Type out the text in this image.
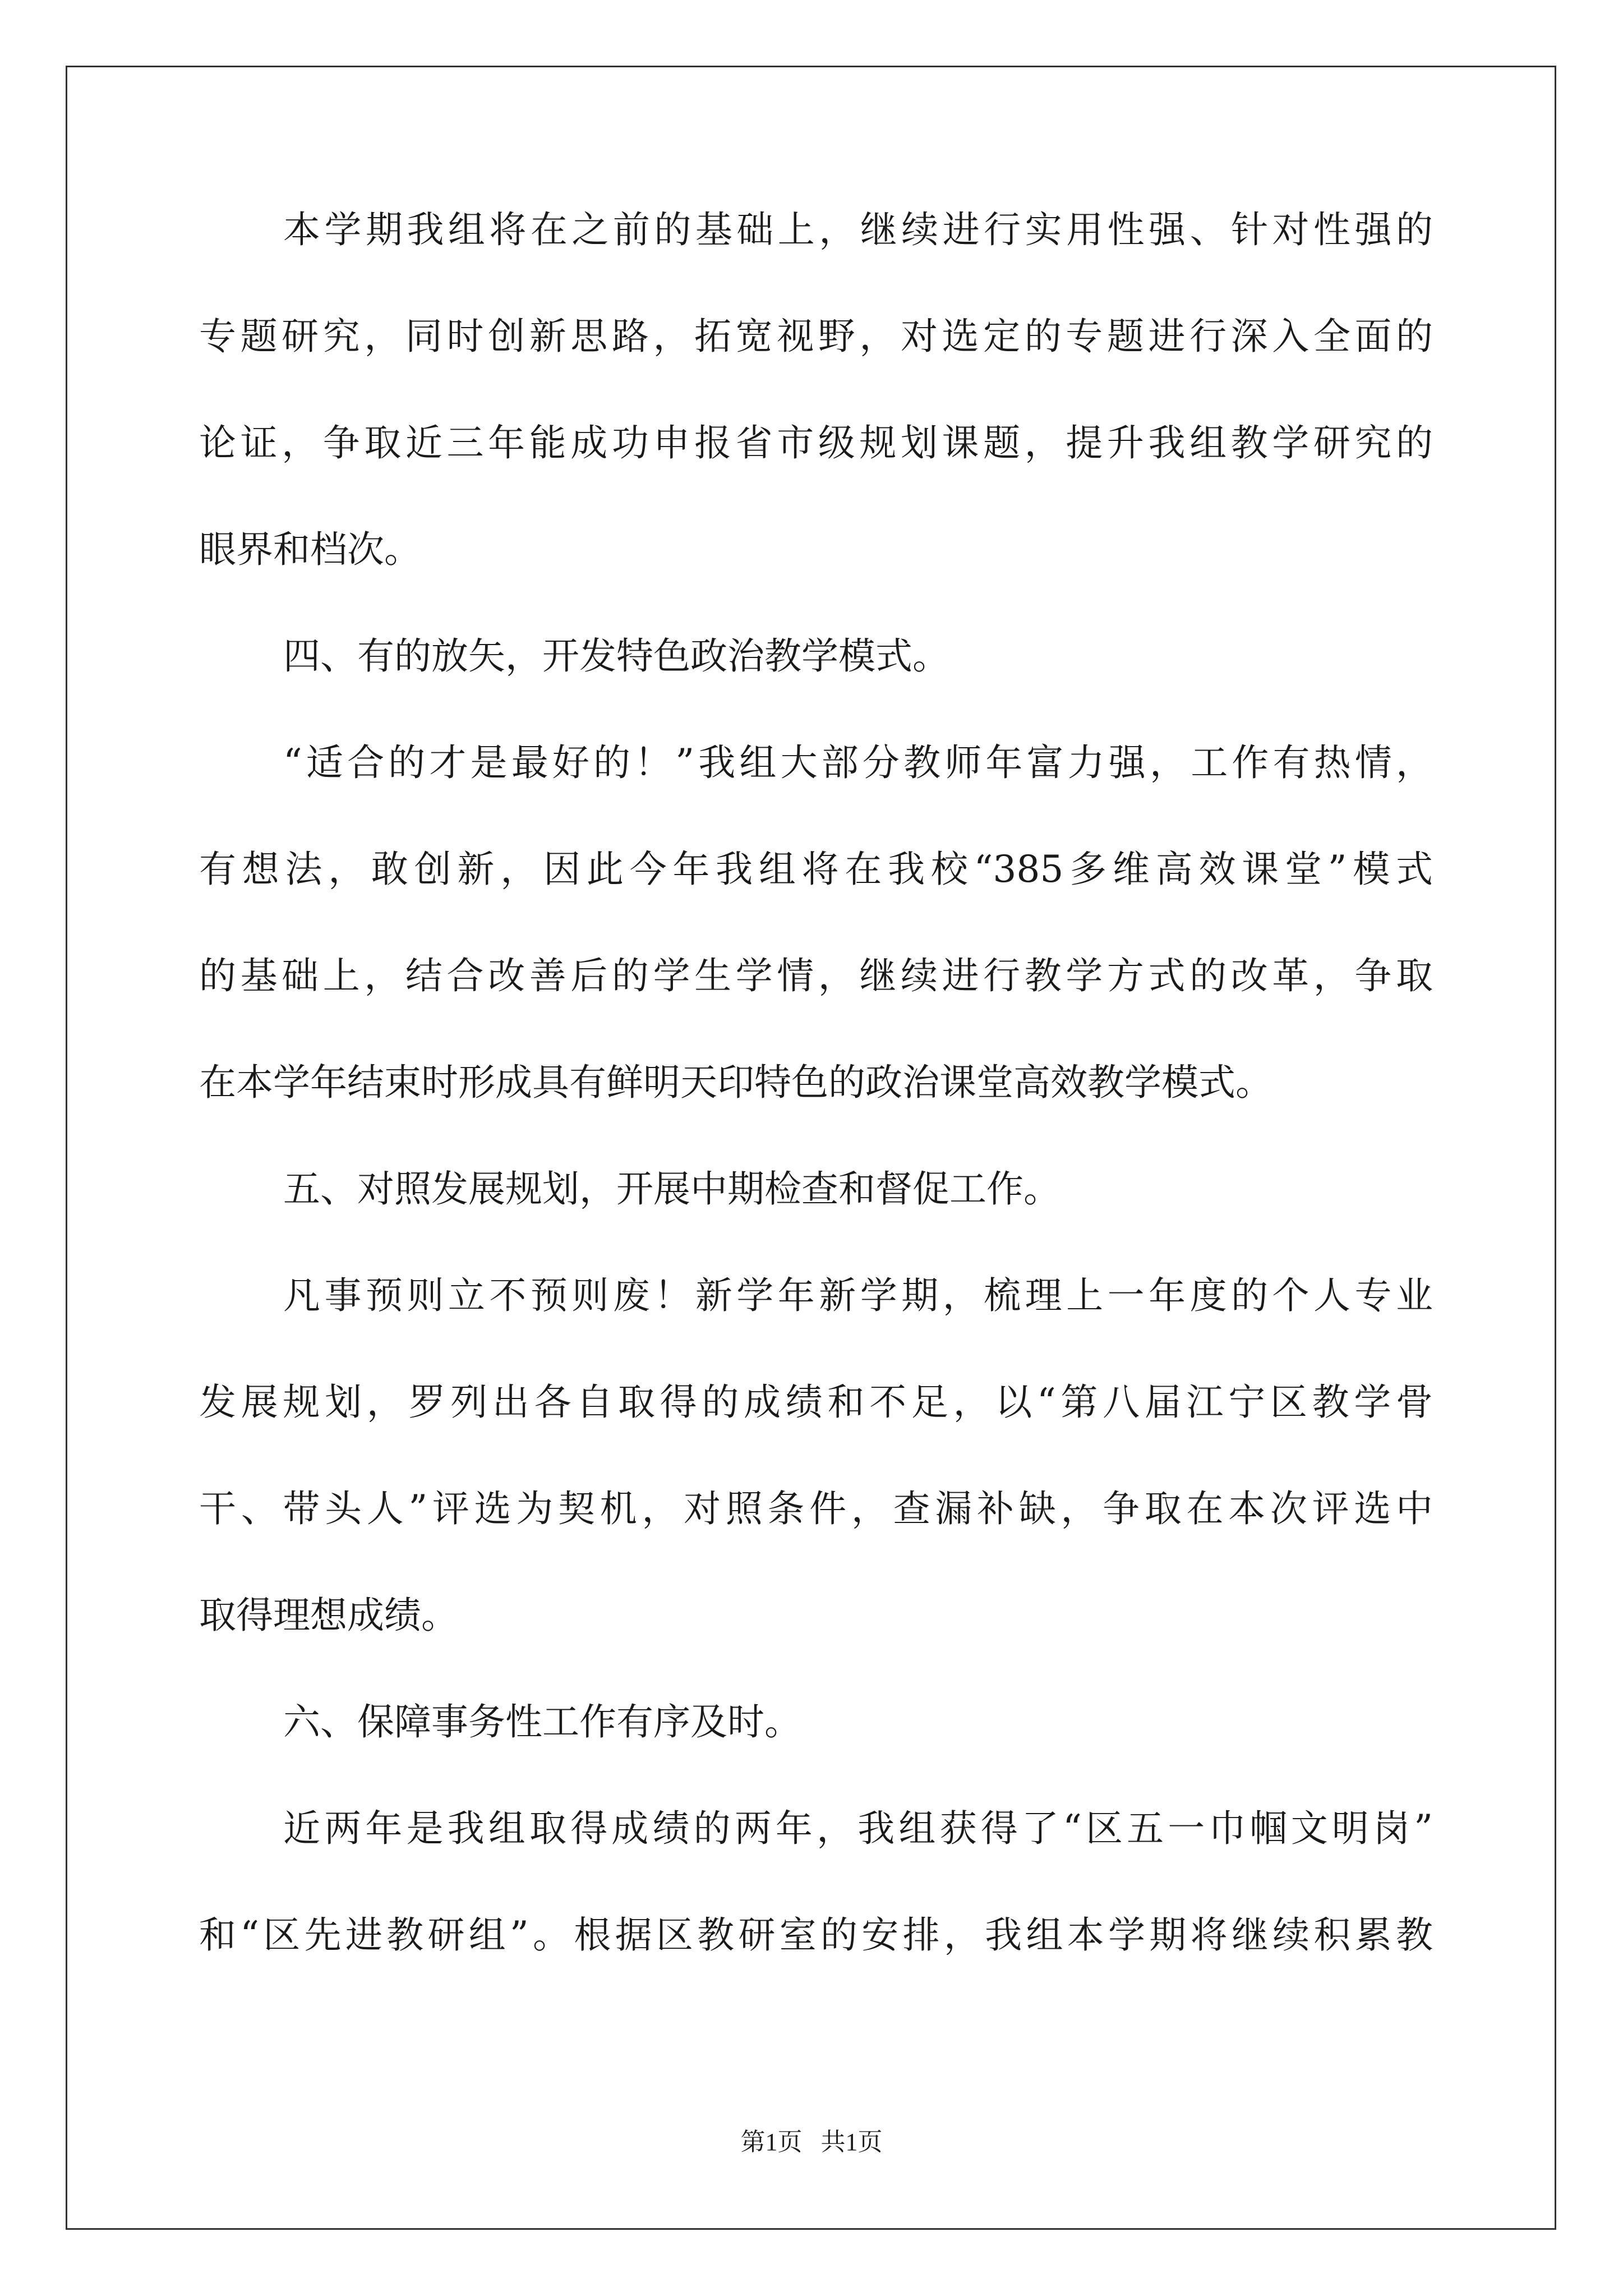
本学期我组将在之前的基础上，继续进行实用性强、针对性强的
专题研究，同时创新思路，拓宽视野，对选定的专题进行深入全面的
论证，争取近三年能成功申报省市级规划课题，提升我组教学研究的
眼界和档次。
四、有的放矢，开发特色政治教学模式。
“适合的才是最好的！”我组大部分教师年富力强，工作有热情，
有想法，敢创新，因此今年我组将在我校“385多维高效课堂”模式
的基础上，结合改善后的学生学情，继续进行教学方式的改革，争取
在本学年结束时形成具有鲜明天印特色的政治课堂高效教学模式。
五、对照发展规划，开展中期检查和督促工作。
凡事预则立不预则废！新学年新学期，梳理上一年度的个人专业
发展规划，罗列出各自取得的成绩和不足，以“第八届江宁区教学骨
干、带头人”评选为契机，对照条件，查漏补缺，争取在本次评选中
取得理想成绩。
六、保障事务性工作有序及时。
近两年是我组取得成绩的两年，我组获得了“区五一巾帼文明岗”
和“区先进教研组”。根据区教研室的安排，我组本学期将继续积累教
第1页   共1页
